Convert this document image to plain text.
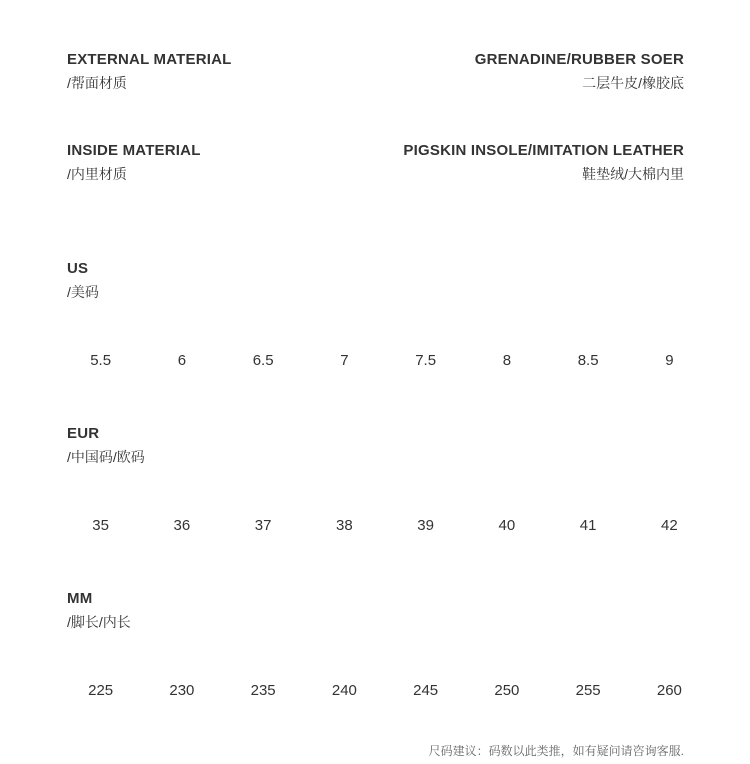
EXTERNAL MATERIAL
/帮面材质
GRENADINE/RUBBER SOER
二层牛皮/橡胶底
INSIDE MATERIAL
/内里材质
PIGSKIN INSOLE/IMITATION LEATHER
鞋垫绒/大棉内里
US
/美码
5.5	6	6.5	7	7.5	8	8.5	9
EUR
/中国码/欧码
35	36	37	38	39	40	41	42
MM
/脚长/内长
225	230	235	240	245	250	255	260
尺码建议：码数以此类推，如有疑问请咨询客服.
